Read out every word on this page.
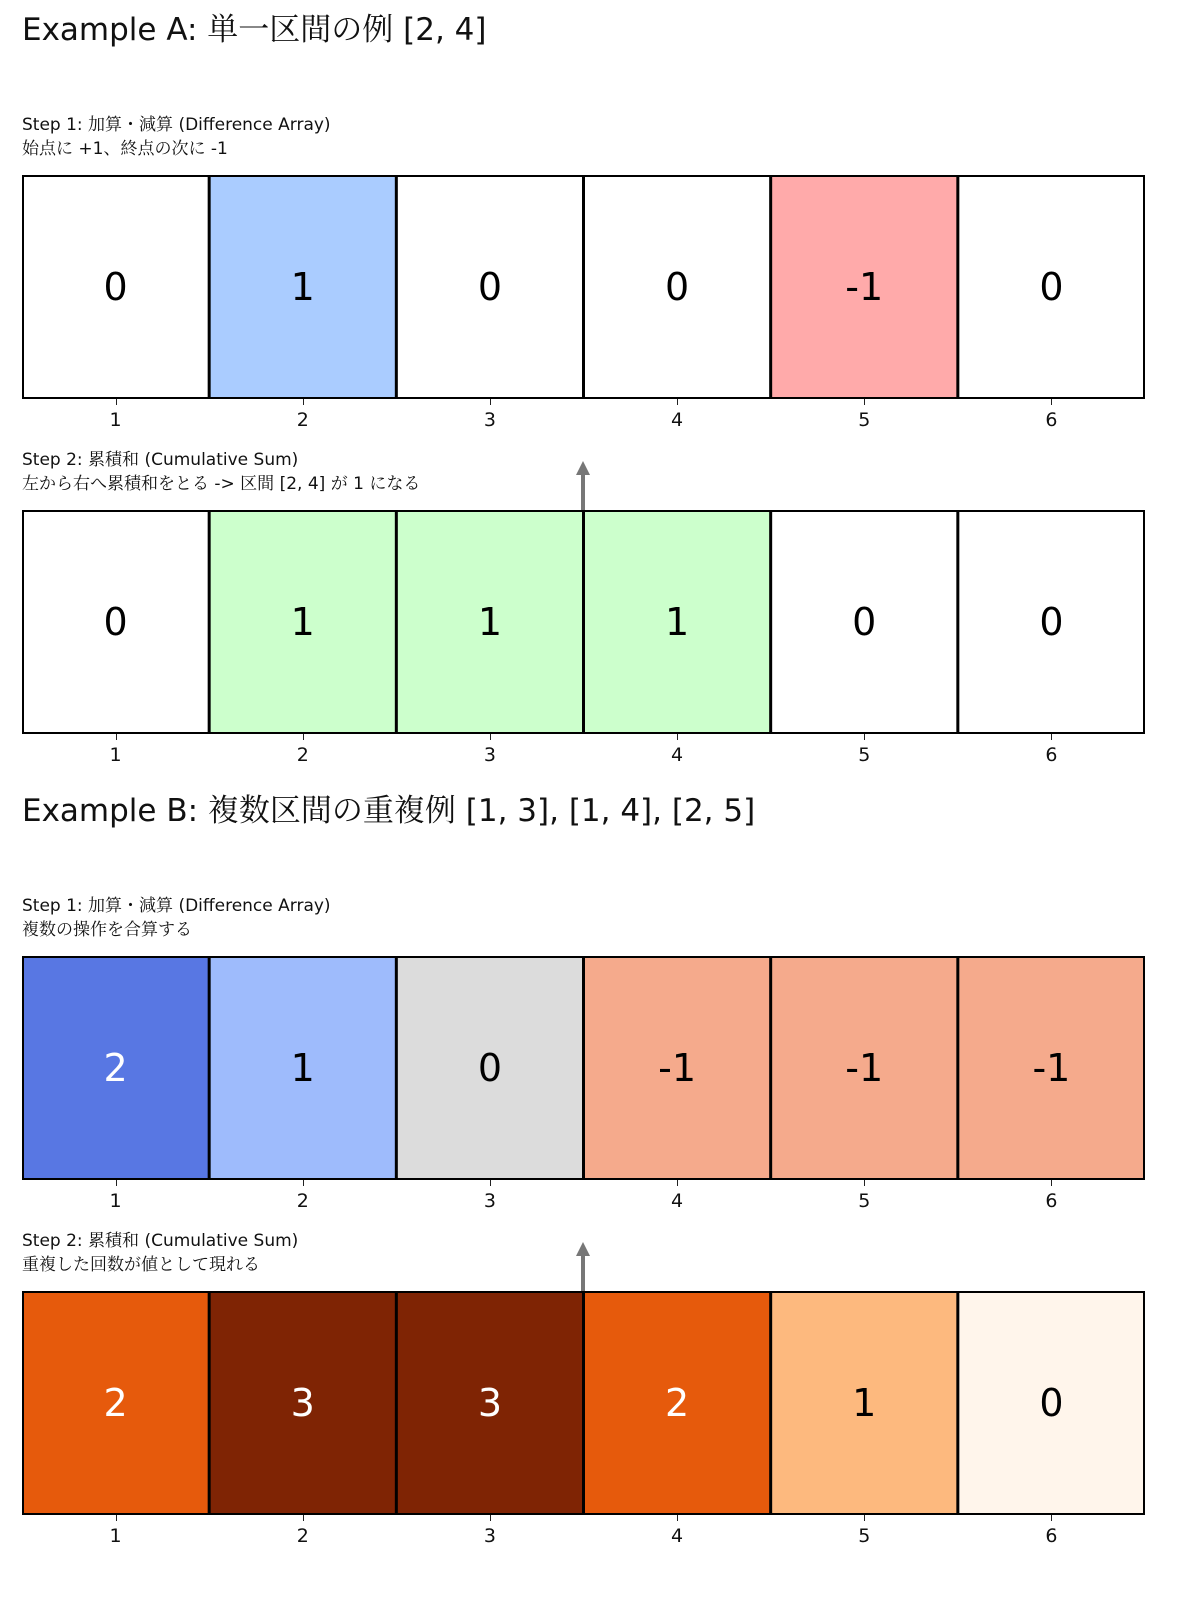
Example A: 単一区間の例 [2, 4]
Step 1: 加算・減算 (Difference Array)
始点に +1、終点の次に -1
0	1	0	0	-1	0
1	2	3	4	5	6
Step 2: 累積和 (Cumulative Sum)
左から右へ累積和をとる -> 区間 [2, 4] が 1 になる
0	1	1	1	0	0
1	2	3	4	5	6
Example B: 複数区間の重複例 [1, 3], [1, 4], [2, 5]
Step 1: 加算・減算 (Difference Array)
複数の操作を合算する
2	1	0	-1	-1	-1
1	2	3	4	5	6
Step 2: 累積和 (Cumulative Sum)
重複した回数が値として現れる
2	3	3	2	1	0
1	2	3	4	5	6
